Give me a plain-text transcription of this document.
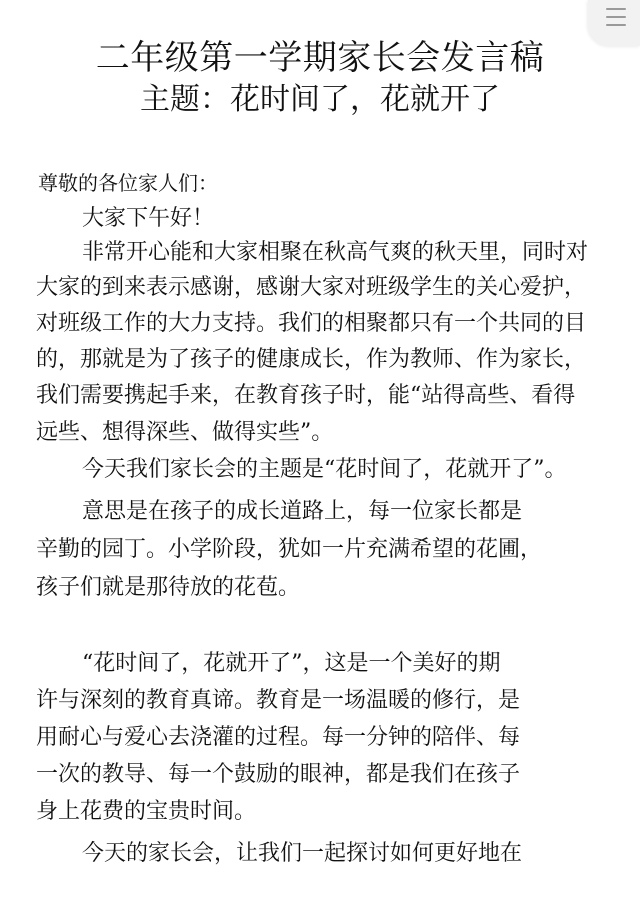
二年级第一学期家长会发言稿
主题：花时间了，花就开了
尊敬的各位家人们：
大家下午好！
非常开心能和大家相聚在秋高气爽的秋天里，同时对
大家的到来表示感谢，感谢大家对班级学生的关心爱护，
对班级工作的大力支持。我们的相聚都只有一个共同的目
的，那就是为了孩子的健康成长，作为教师、作为家长，
我们需要携起手来，在教育孩子时，能“站得高些、看得
远些、想得深些、做得实些”。
今天我们家长会的主题是“花时间了，花就开了”。
意思是在孩子的成长道路上，每一位家长都是
辛勤的园丁。小学阶段，犹如一片充满希望的花圃，
孩子们就是那待放的花苞。
“花时间了，花就开了”，这是一个美好的期
许与深刻的教育真谛。教育是一场温暖的修行，是
用耐心与爱心去浇灌的过程。每一分钟的陪伴、每
一次的教导、每一个鼓励的眼神，都是我们在孩子
身上花费的宝贵时间。
今天的家长会，让我们一起探讨如何更好地在
